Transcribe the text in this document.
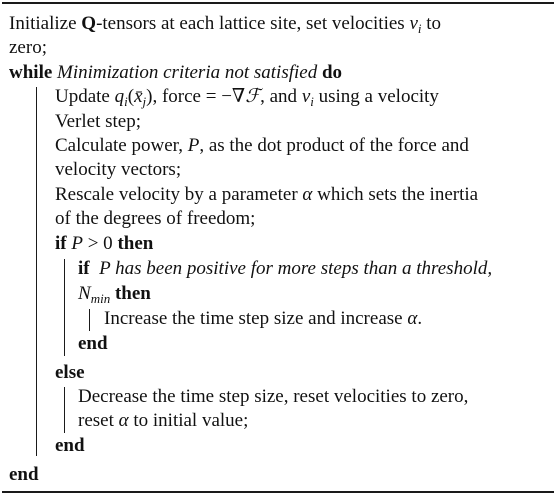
Initialize Q-tensors at each lattice site, set velocities $v_i$ to
zero;
while Minimization criteria not satisfied do
Update $q_i(x̄_j)$, force = −∇ℱ, and $v_i$ using a velocity
Verlet step;
Calculate power, P, as the dot product of the force and
velocity vectors;
Rescale velocity by a parameter α which sets the inertia
of the degrees of freedom;
if P > 0 then
if P has been positive for more steps than a threshold,
$N_{min}$ then
Increase the time step size and increase α.
end
else
Decrease the time step size, reset velocities to zero,
reset α to initial value;
end
end
